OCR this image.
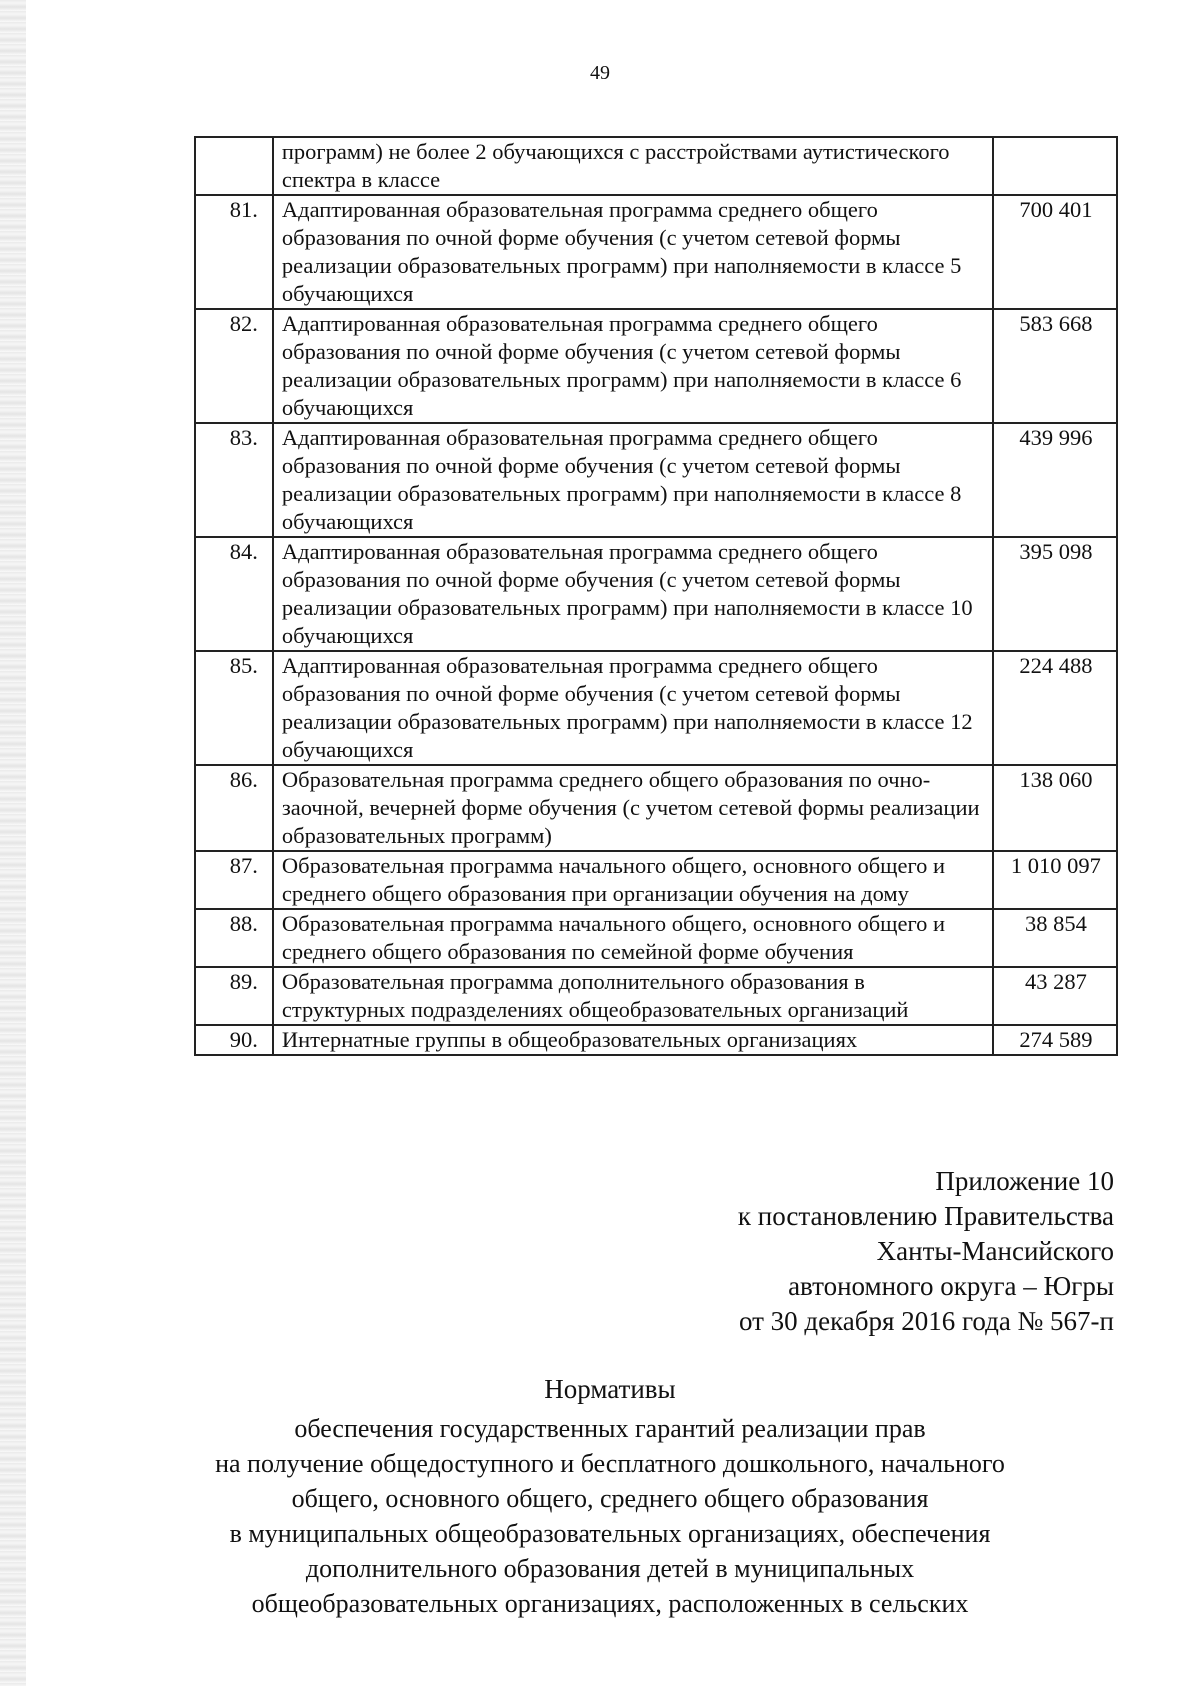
49
	программ) не более 2 обучающихся с расстройствами аутистического спектра в классе	
81.	Адаптированная образовательная программа среднего общего образования по очной форме обучения (с учетом сетевой формы реализации образовательных программ) при наполняемости в классе 5 обучающихся	700 401
82.	Адаптированная образовательная программа среднего общего образования по очной форме обучения (с учетом сетевой формы реализации образовательных программ) при наполняемости в классе 6 обучающихся	583 668
83.	Адаптированная образовательная программа среднего общего образования по очной форме обучения (с учетом сетевой формы реализации образовательных программ) при наполняемости в классе 8 обучающихся	439 996
84.	Адаптированная образовательная программа среднего общего образования по очной форме обучения (с учетом сетевой формы реализации образовательных программ) при наполняемости в классе 10 обучающихся	395 098
85.	Адаптированная образовательная программа среднего общего образования по очной форме обучения (с учетом сетевой формы реализации образовательных программ) при наполняемости в классе 12 обучающихся	224 488
86.	Образовательная программа среднего общего образования по очно-заочной, вечерней форме обучения (с учетом сетевой формы реализации образовательных программ)	138 060
87.	Образовательная программа начального общего, основного общего и среднего общего образования при организации обучения на дому	1 010 097
88.	Образовательная программа начального общего, основного общего и среднего общего образования по семейной форме обучения	38 854
89.	Образовательная программа дополнительного образования в структурных подразделениях общеобразовательных организаций	43 287
90.	Интернатные группы в общеобразовательных организациях	274 589
Приложение 10
к постановлению Правительства
Ханты-Мансийского
автономного округа – Югры
от 30 декабря 2016 года № 567-п
Нормативы
обеспечения государственных гарантий реализации прав
на получение общедоступного и бесплатного дошкольного, начального
общего, основного общего, среднего общего образования
в муниципальных общеобразовательных организациях, обеспечения
дополнительного образования детей в муниципальных
общеобразовательных организациях, расположенных в сельских
